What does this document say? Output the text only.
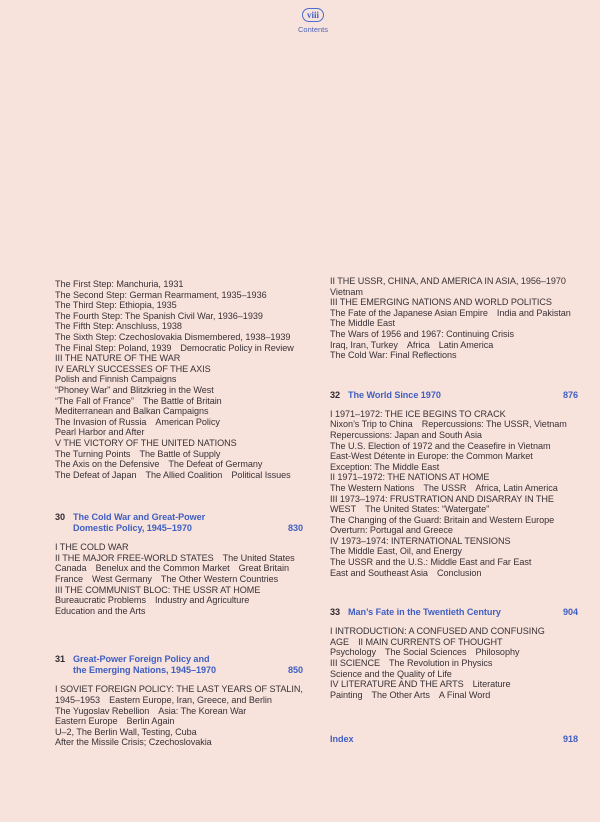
viii
Contents
The First Step: Manchuria, 1931
The Second Step: German Rearmament, 1935–1936
The Third Step: Ethiopia, 1935
The Fourth Step: The Spanish Civil War, 1936–1939
The Fifth Step: Anschluss, 1938
The Sixth Step: Czechoslovakia Dismembered, 1938–1939
The Final Step: Poland, 1939 Democratic Policy in Review
III THE NATURE OF THE WAR
IV EARLY SUCCESSES OF THE AXIS
Polish and Finnish Campaigns
“Phoney War” and Blitzkrieg in the West
“The Fall of France” The Battle of Britain
Mediterranean and Balkan Campaigns
The Invasion of Russia American Policy
Pearl Harbor and After
V THE VICTORY OF THE UNITED NATIONS
The Turning Points The Battle of Supply
The Axis on the Defensive The Defeat of Germany
The Defeat of Japan The Allied Coalition Political Issues
30 The Cold War and Great-Power
Domestic Policy, 1945–1970	830
I THE COLD WAR
II THE MAJOR FREE-WORLD STATES The United States
Canada Benelux and the Common Market Great Britain
France West Germany The Other Western Countries
III THE COMMUNIST BLOC: THE USSR AT HOME
Bureaucratic Problems Industry and Agriculture
Education and the Arts
31 Great-Power Foreign Policy and
the Emerging Nations, 1945–1970	850
I SOVIET FOREIGN POLICY: THE LAST YEARS OF STALIN,
1945–1953 Eastern Europe, Iran, Greece, and Berlin
The Yugoslav Rebellion Asia: The Korean War
Eastern Europe Berlin Again
U–2, The Berlin Wall, Testing, Cuba
After the Missile Crisis; Czechoslovakia
II THE USSR, CHINA, AND AMERICA IN ASIA, 1956–1970
Vietnam
III THE EMERGING NATIONS AND WORLD POLITICS
The Fate of the Japanese Asian Empire India and Pakistan
The Middle East
The Wars of 1956 and 1967: Continuing Crisis
Iraq, Iran, Turkey Africa Latin America
The Cold War: Final Reflections
32 The World Since 1970	876
I 1971–1972: THE ICE BEGINS TO CRACK
Nixon’s Trip to China Repercussions: The USSR, Vietnam
Repercussions: Japan and South Asia
The U.S. Election of 1972 and the Ceasefire in Vietnam
East-West Détente in Europe: the Common Market
Exception: The Middle East
II 1971–1972: THE NATIONS AT HOME
The Western Nations The USSR Africa, Latin America
III 1973–1974: FRUSTRATION AND DISARRAY IN THE
WEST The United States: “Watergate”
The Changing of the Guard: Britain and Western Europe
Overturn: Portugal and Greece
IV 1973–1974: INTERNATIONAL TENSIONS
The Middle East, Oil, and Energy
The USSR and the U.S.: Middle East and Far East
East and Southeast Asia Conclusion
33 Man’s Fate in the Twentieth Century	904
I INTRODUCTION: A CONFUSED AND CONFUSING
AGE II MAIN CURRENTS OF THOUGHT
Psychology The Social Sciences Philosophy
III SCIENCE The Revolution in Physics
Science and the Quality of Life
IV LITERATURE AND THE ARTS Literature
Painting The Other Arts A Final Word
Index	918
